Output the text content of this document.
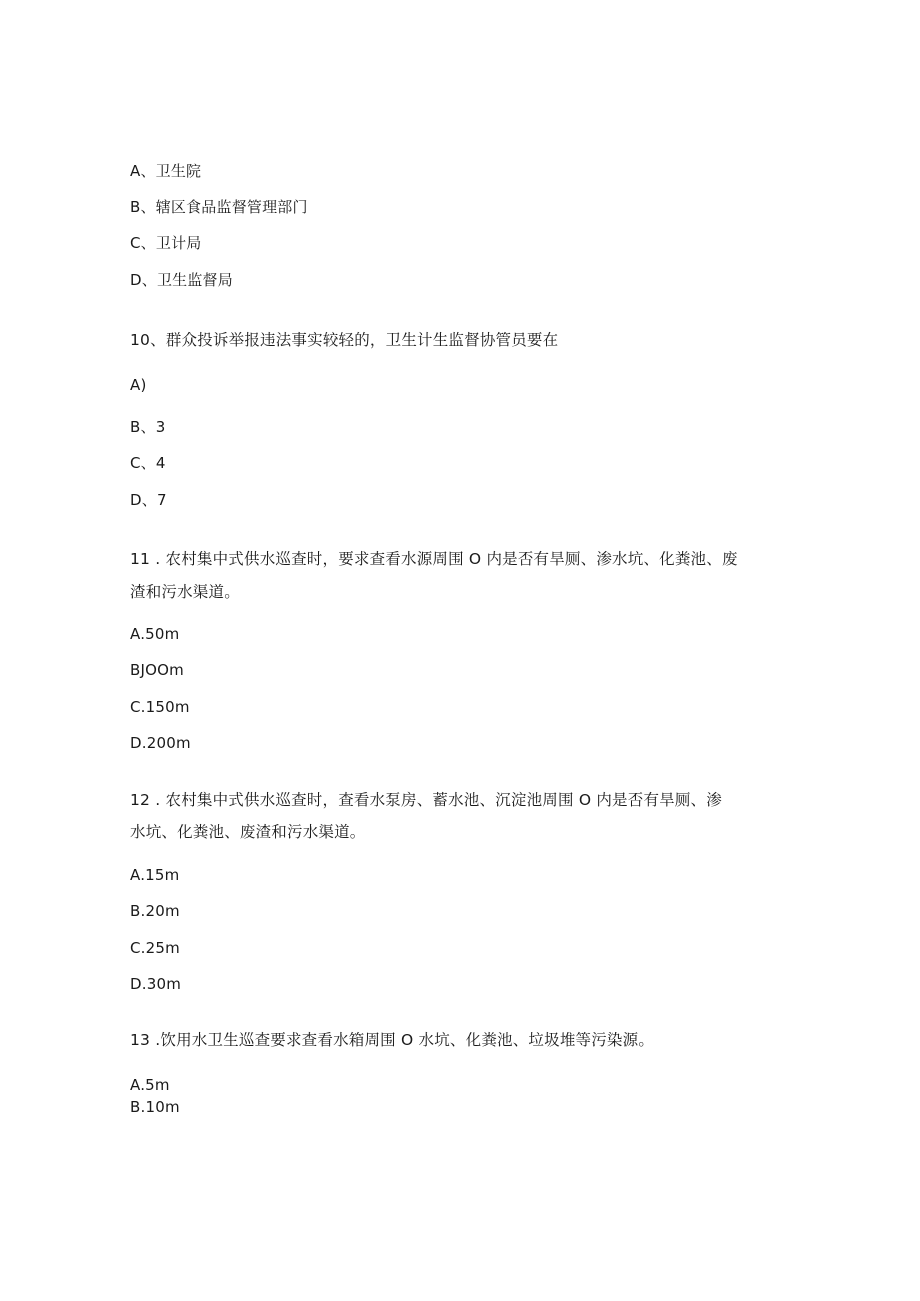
A、卫生院
B、辖区食品监督管理部门
C、卫计局
D、卫生监督局
10、群众投诉举报违法事实较轻的，卫生计生监督协管员要在
A)
B、3
C、4
D、7
11 . 农村集中式供水巡查时，要求查看水源周围 O 内是否有旱厕、渗水坑、化粪池、废
渣和污水渠道。
A.50m
BJOOm
C.150m
D.200m
12 . 农村集中式供水巡查时，查看水泵房、蓄水池、沉淀池周围 O 内是否有旱厕、渗
水坑、化粪池、废渣和污水渠道。
A.15m
B.20m
C.25m
D.30m
13 .饮用水卫生巡查要求查看水箱周围 O 水坑、化粪池、垃圾堆等污染源。
A.5m
B.10m
